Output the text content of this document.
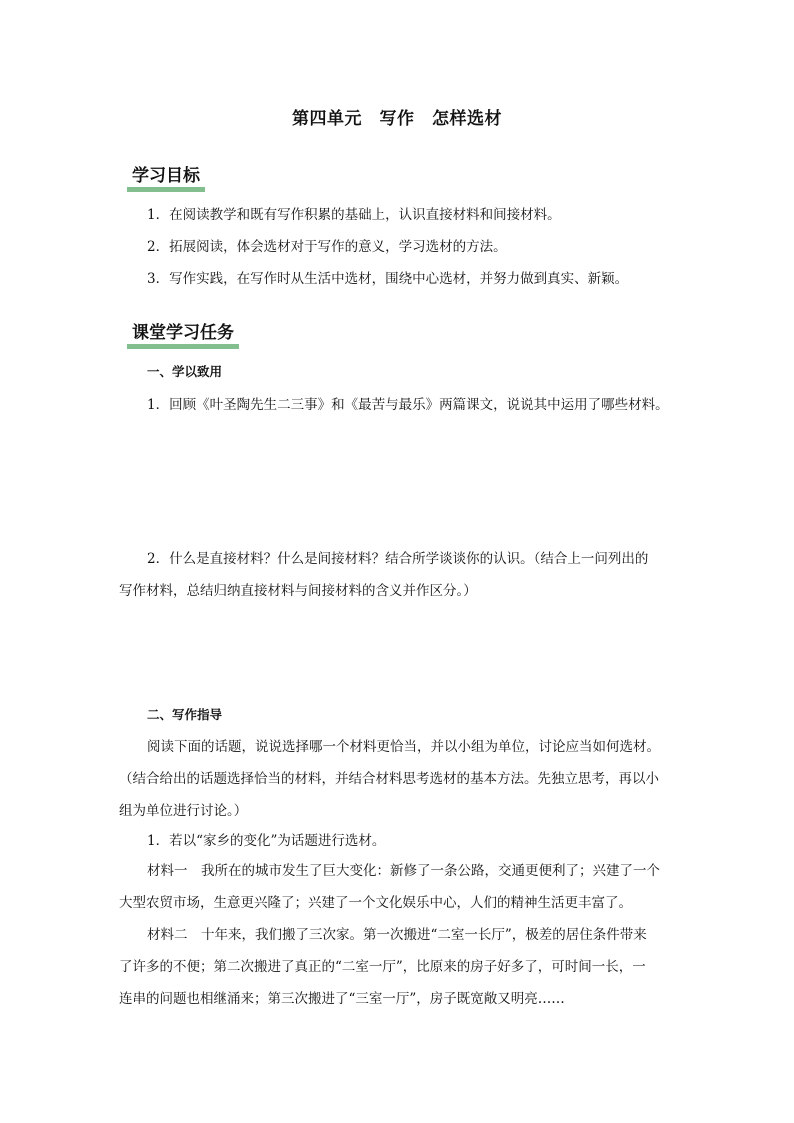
第四单元　写作　怎样选材
学习目标
1．在阅读教学和既有写作积累的基础上，认识直接材料和间接材料。
2．拓展阅读，体会选材对于写作的意义，学习选材的方法。
3．写作实践，在写作时从生活中选材，围绕中心选材，并努力做到真实、新颖。
课堂学习任务
一、学以致用
1．回顾《叶圣陶先生二三事》和《最苦与最乐》两篇课文，说说其中运用了哪些材料。
2．什么是直接材料？什么是间接材料？结合所学谈谈你的认识。（结合上一问列出的
写作材料，总结归纳直接材料与间接材料的含义并作区分。）
二、写作指导
阅读下面的话题，说说选择哪一个材料更恰当，并以小组为单位，讨论应当如何选材。
（结合给出的话题选择恰当的材料，并结合材料思考选材的基本方法。先独立思考，再以小
组为单位进行讨论。）
1．若以“家乡的变化”为话题进行选材。
材料一　我所在的城市发生了巨大变化：新修了一条公路，交通更便利了；兴建了一个
大型农贸市场，生意更兴隆了；兴建了一个文化娱乐中心，人们的精神生活更丰富了。
材料二　十年来，我们搬了三次家。第一次搬进“二室一长厅”，极差的居住条件带来
了许多的不便；第二次搬进了真正的“二室一厅”，比原来的房子好多了，可时间一长，一
连串的问题也相继涌来；第三次搬进了“三室一厅”，房子既宽敞又明亮……
